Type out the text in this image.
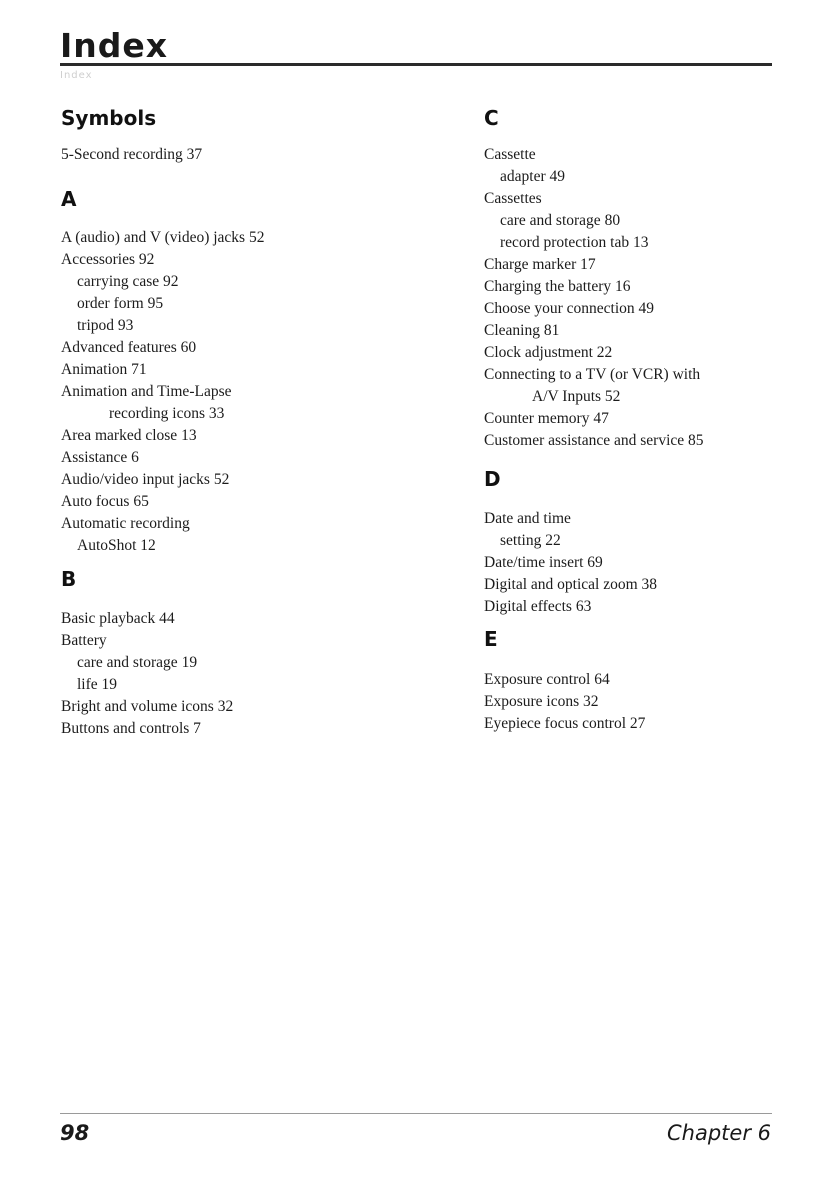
Index
Index
Symbols
5-Second recording 37
A
A (audio) and V (video) jacks 52
Accessories 92
carrying case 92
order form 95
tripod 93
Advanced features 60
Animation 71
Animation and Time-Lapse
recording icons 33
Area marked close 13
Assistance 6
Audio/video input jacks 52
Auto focus 65
Automatic recording
AutoShot 12
B
Basic playback 44
Battery
care and storage 19
life 19
Bright and volume icons 32
Buttons and controls 7
C
Cassette
adapter 49
Cassettes
care and storage 80
record protection tab 13
Charge marker 17
Charging the battery 16
Choose your connection 49
Cleaning 81
Clock adjustment 22
Connecting to a TV (or VCR) with
A/V Inputs 52
Counter memory 47
Customer assistance and service 85
D
Date and time
setting 22
Date/time insert 69
Digital and optical zoom 38
Digital effects 63
E
Exposure control 64
Exposure icons 32
Eyepiece focus control 27
98	Chapter 6
